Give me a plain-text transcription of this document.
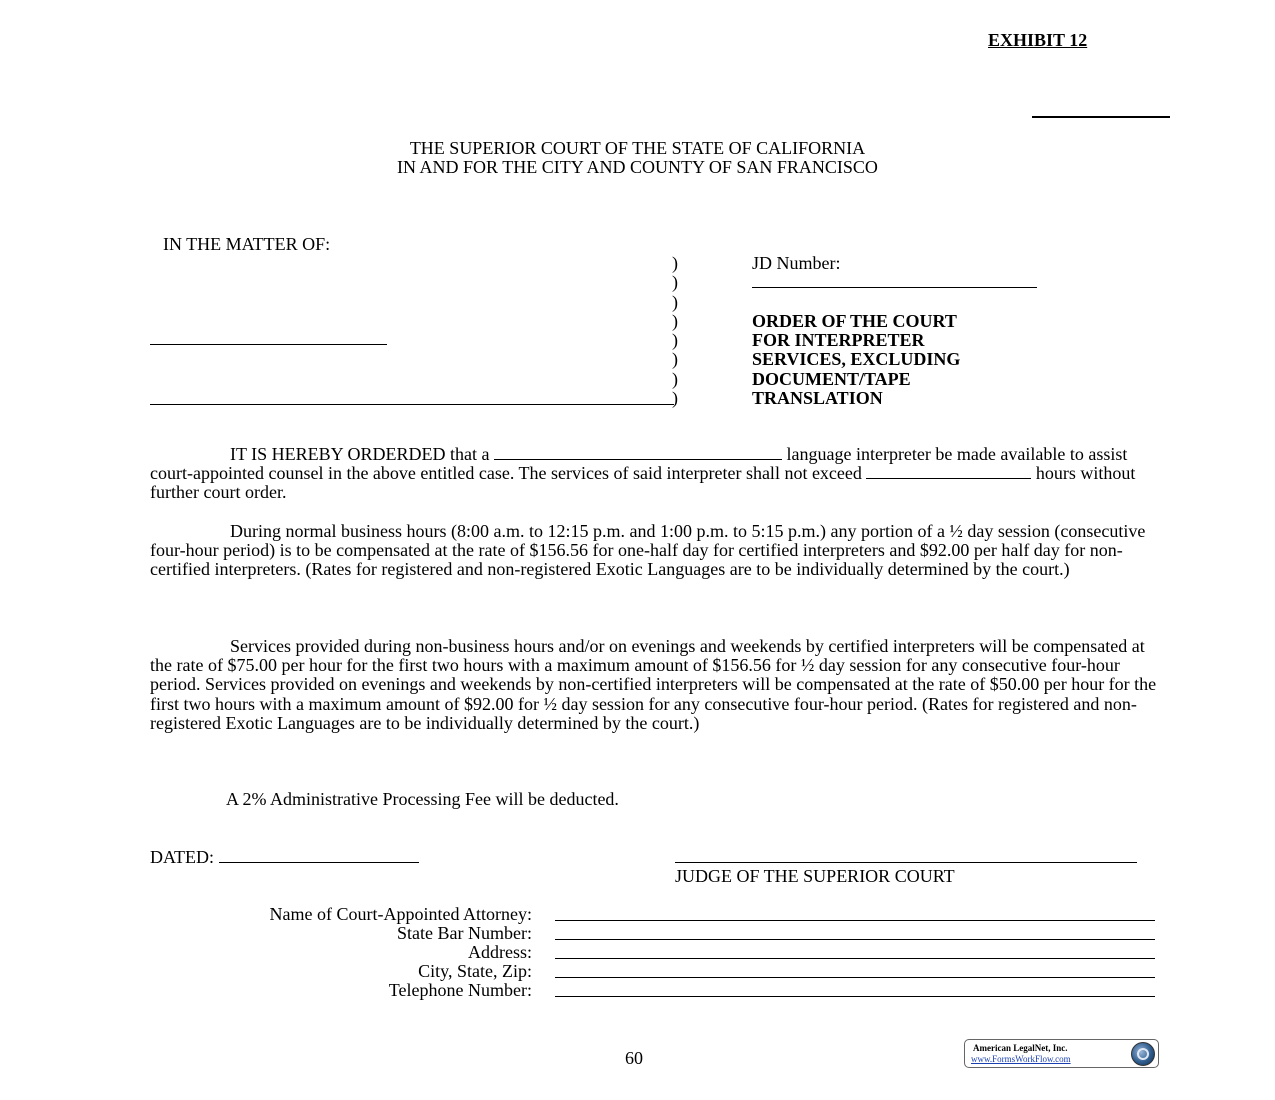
EXHIBIT 12
THE SUPERIOR COURT OF THE STATE OF CALIFORNIA
IN AND FOR THE CITY AND COUNTY OF SAN FRANCISCO
IN THE MATTER OF:
)
)
)
)
)
)
)
)
JD Number:
ORDER OF THE COURT
FOR INTERPRETER
SERVICES, EXCLUDING
DOCUMENT/TAPE
TRANSLATION
IT IS HEREBY ORDERDED that a	language interpreter be made available to assist court-appointed counsel in the above entitled case. The services of said interpreter shall not exceed	hours without further court order.
During normal business hours (8:00 a.m. to 12:15 p.m. and 1:00 p.m. to 5:15 p.m.) any portion of a ½ day session (consecutive four-hour period) is to be compensated at the rate of $156.56 for one-half day for certified interpreters and $92.00 per half day for non-certified interpreters. (Rates for registered and non-registered Exotic Languages are to be individually determined by the court.)
Services provided during non-business hours and/or on evenings and weekends by certified interpreters will be compensated at the rate of $75.00 per hour for the first two hours with a maximum amount of $156.56 for ½ day session for any consecutive four-hour period. Services provided on evenings and weekends by non-certified interpreters will be compensated at the rate of $50.00 per hour for the first two hours with a maximum amount of $92.00 for ½ day session for any consecutive four-hour period. (Rates for registered and non-registered Exotic Languages are to be individually determined by the court.)
A 2% Administrative Processing Fee will be deducted.
DATED:
JUDGE OF THE SUPERIOR COURT
Name of Court-Appointed Attorney:
State Bar Number:
Address:
City, State, Zip:
Telephone Number:
60	American LegalNet, Inc.
www.FormsWorkFlow.com
